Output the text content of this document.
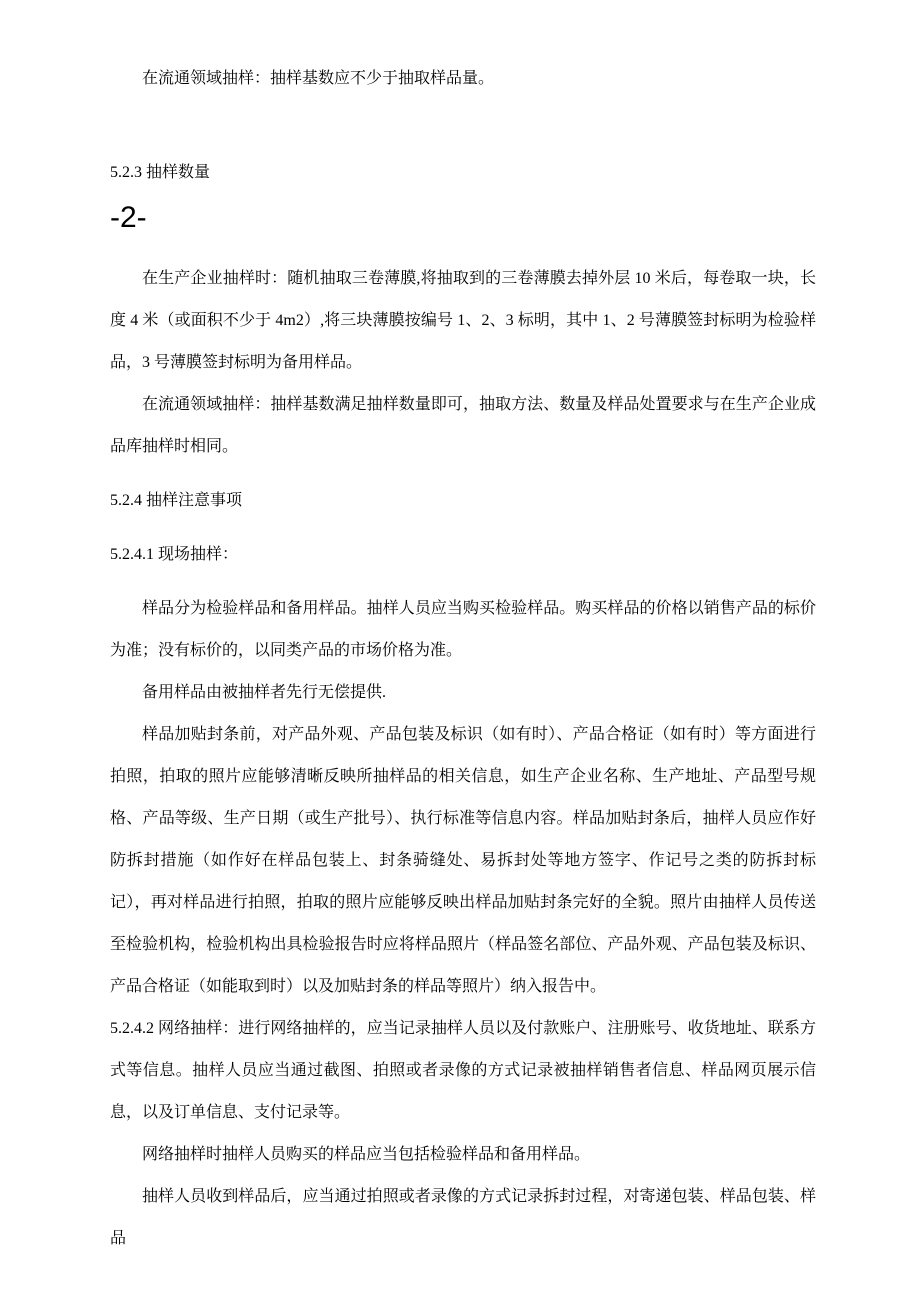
在流通领域抽样：抽样基数应不少于抽取样品量。

5.2.3 抽样数量

-2-

在生产企业抽样时：随机抽取三卷薄膜,将抽取到的三卷薄膜去掉外层 10 米后，每卷取一块，长度 4 米（或面积不少于 4m2）,将三块薄膜按编号 1、2、3 标明，其中 1、2 号薄膜签封标明为检验样品，3 号薄膜签封标明为备用样品。

在流通领域抽样：抽样基数满足抽样数量即可，抽取方法、数量及样品处置要求与在生产企业成品库抽样时相同。

5.2.4 抽样注意事项

5.2.4.1 现场抽样：

样品分为检验样品和备用样品。抽样人员应当购买检验样品。购买样品的价格以销售产品的标价为准；没有标价的，以同类产品的市场价格为准。

备用样品由被抽样者先行无偿提供.

样品加贴封条前，对产品外观、产品包装及标识（如有时）、产品合格证（如有时）等方面进行拍照，拍取的照片应能够清晰反映所抽样品的相关信息，如生产企业名称、生产地址、产品型号规格、产品等级、生产日期（或生产批号）、执行标准等信息内容。样品加贴封条后，抽样人员应作好防拆封措施（如作好在样品包装上、封条骑缝处、易拆封处等地方签字、作记号之类的防拆封标记），再对样品进行拍照，拍取的照片应能够反映出样品加贴封条完好的全貌。照片由抽样人员传送至检验机构，检验机构出具检验报告时应将样品照片（样品签名部位、产品外观、产品包装及标识、产品合格证（如能取到时）以及加贴封条的样品等照片）纳入报告中。

5.2.4.2 网络抽样：进行网络抽样的，应当记录抽样人员以及付款账户、注册账号、收货地址、联系方式等信息。抽样人员应当通过截图、拍照或者录像的方式记录被抽样销售者信息、样品网页展示信息，以及订单信息、支付记录等。

网络抽样时抽样人员购买的样品应当包括检验样品和备用样品。

抽样人员收到样品后，应当通过拍照或者录像的方式记录拆封过程，对寄递包装、样品包装、样品
